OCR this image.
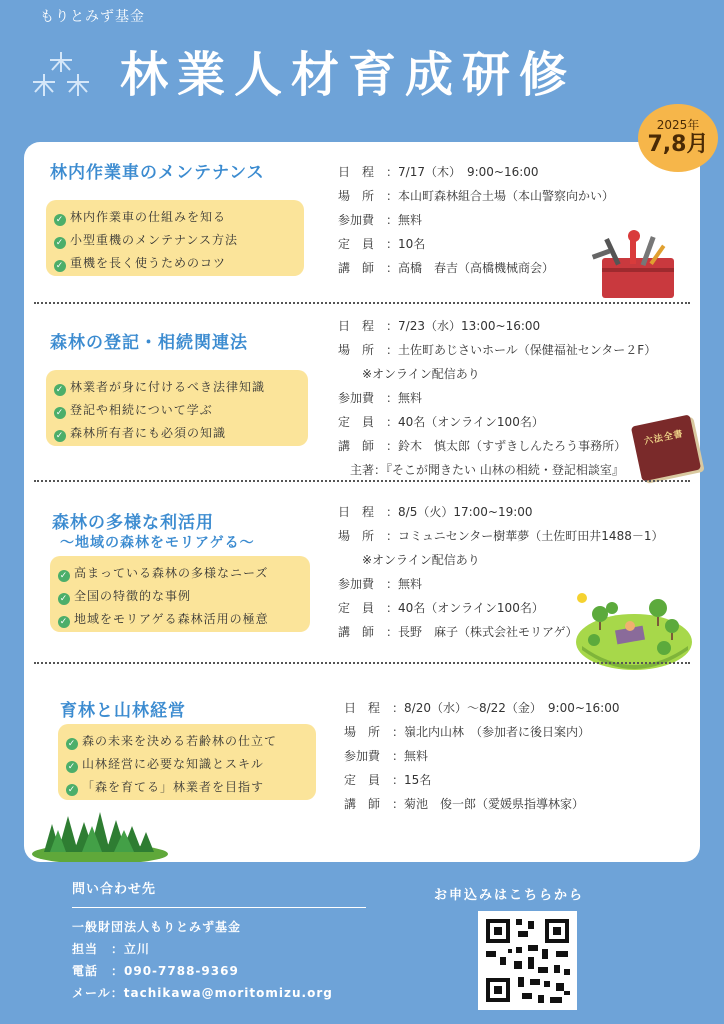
もりとみず基金
林業人材育成研修
2025年
7,8月
林内作業車のメンテナンス
✓ 林内作業車の仕組みを知る
✓ 小型重機のメンテナンス方法
✓ 重機を長く使うためのコツ
日　程 ：7/17（木）　9:00~16:00
場　所 ：本山町森林組合土場（本山警察向かい）
参加費 ：無料
定　員 ：10名
講　師 ：高橋　春吉（高橋機械商会）
森林の登記・相続関連法
✓ 林業者が身に付けるべき法律知識
✓ 登記や相続について学ぶ
✓ 森林所有者にも必須の知識
日　程 ：7/23（水）13:00~16:00
場　所 ：土佐町あじさいホール（保健福祉センター２F）
　　※オンライン配信あり
参加費 ：無料
定　員 ：40名（オンライン100名）
講　師 ：鈴木　慎太郎（すずきしんたろう事務所）
　主著：『そこが聞きたい 山林の相続・登記相談室』
六法全書
森林の多様な利活用
～地域の森林をモリアゲる～
✓ 高まっている森林の多様なニーズ
✓ 全国の特徴的な事例
✓ 地域をモリアゲる森林活用の極意
日　程 ：8/5（火）17:00~19:00
場　所 ：コミュニセンター樹華夢（土佐町田井1488－1）
　　※オンライン配信あり
参加費 ：無料
定　員 ：40名（オンライン100名）
講　師 ：長野　麻子（株式会社モリアゲ）
育林と山林経営
✓ 森の未来を決める若齢林の仕立て
✓ 山林経営に必要な知識とスキル
✓ 「森を育てる」林業者を目指す
日　程 ：8/20（水）～8/22（金）　9:00~16:00
場　所 ：嶺北内山林　（参加者に後日案内）
参加費 ：無料
定　員 ：15名
講　師 ：菊池　俊一郎（愛媛県指導林家）
問い合わせ先
一般財団法人もりとみず基金
担当　：立川
電話　：090-7788-9369
メール：tachikawa@moritomizu.org
お申込みはこちらから
